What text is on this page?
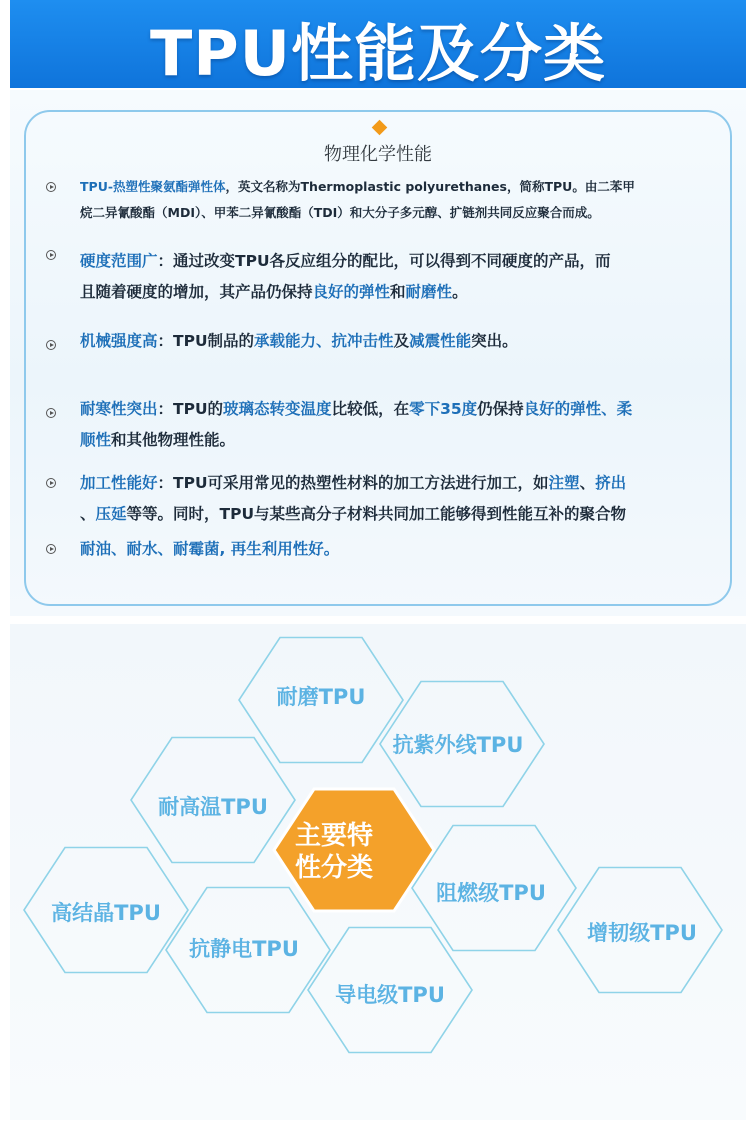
TPU性能及分类
物理化学性能
TPU-热塑性聚氨酯弹性体，英文名称为Thermoplastic polyurethanes，简称TPU。由二苯甲
烷二异氰酸酯（MDI）、甲苯二异氰酸酯（TDI）和大分子多元醇、扩链剂共同反应聚合而成。
硬度范围广：通过改变TPU各反应组分的配比，可以得到不同硬度的产品，而
且随着硬度的增加，其产品仍保持良好的弹性和耐磨性。
机械强度高：TPU制品的承载能力、抗冲击性及减震性能突出。
耐寒性突出：TPU的玻璃态转变温度比较低，在零下35度仍保持良好的弹性、柔
顺性和其他物理性能。
加工性能好：TPU可采用常见的热塑性材料的加工方法进行加工，如注塑、挤出
、压延等等。同时，TPU与某些高分子材料共同加工能够得到性能互补的聚合物
耐油、耐水、耐霉菌, 再生利用性好。
耐磨TPU
抗紫外线TPU
耐高温TPU
高结晶TPU
抗静电TPU
阻燃级TPU
增韧级TPU
导电级TPU
主要特
性分类
